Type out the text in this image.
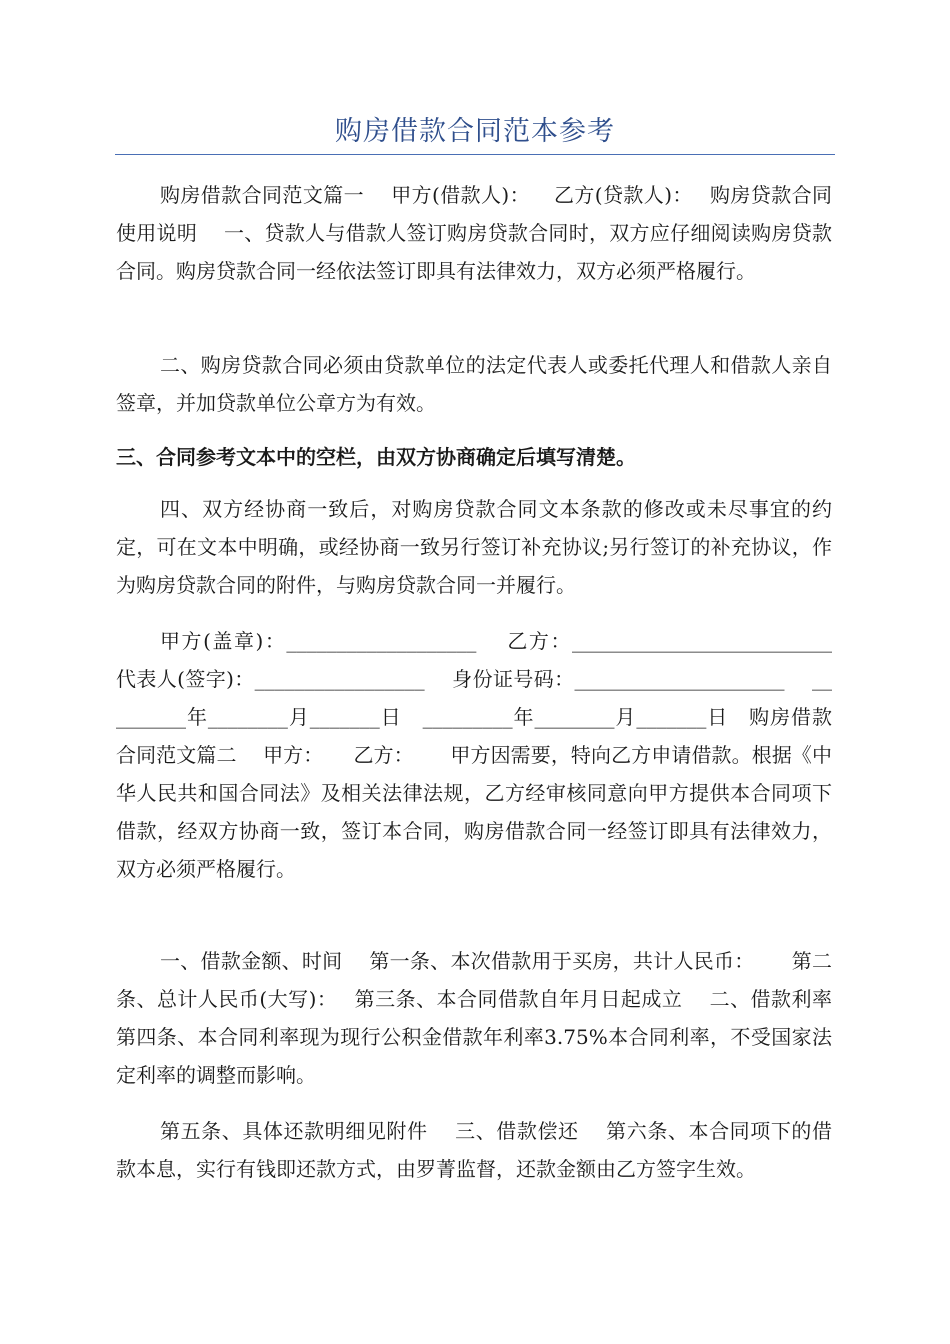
购房借款合同范本参考

购房借款合同范文篇一　 甲方(借款人)：　  乙方(贷款人)：　 购房贷款合同使用说明　 一、贷款人与借款人签订购房贷款合同时，双方应仔细阅读购房贷款合同。购房贷款合同一经依法签订即具有法律效力，双方必须严格履行。

二、购房贷款合同必须由贷款单位的法定代表人或委托代理人和借款人亲自签章，并加贷款单位公章方为有效。

三、合同参考文本中的空栏，由双方协商确定后填写清楚。

四、双方经协商一致后，对购房贷款合同文本条款的修改或未尽事宜的约定，可在文本中明确，或经协商一致另行签订补充协议;另行签订的补充协议，作为购房贷款合同的附件，与购房贷款合同一并履行。

甲方(盖章)：___________________　 乙方：__________________________　 代表人(签字)：_________________　 身份证号码：_____________________　 _________年________月_______日　_________年________月_______日　购房借款合同范文篇二　 甲方：　　乙方：　　 甲方因需要，特向乙方申请借款。根据《中华人民共和国合同法》及相关法律法规，乙方经审核同意向甲方提供本合同项下借款，经双方协商一致，签订本合同，购房借款合同一经签订即具有法律效力，双方必须严格履行。

一、借款金额、时间　 第一条、本次借款用于买房，共计人民币：　　 第二条、总计人民币(大写)：　 第三条、本合同借款自年月日起成立　 二、借款利率　 第四条、本合同利率现为现行公积金借款年利率3.75%本合同利率，不受国家法定利率的调整而影响。

第五条、具体还款明细见附件　 三、借款偿还　 第六条、本合同项下的借款本息，实行有钱即还款方式，由罗菁监督，还款金额由乙方签字生效。
